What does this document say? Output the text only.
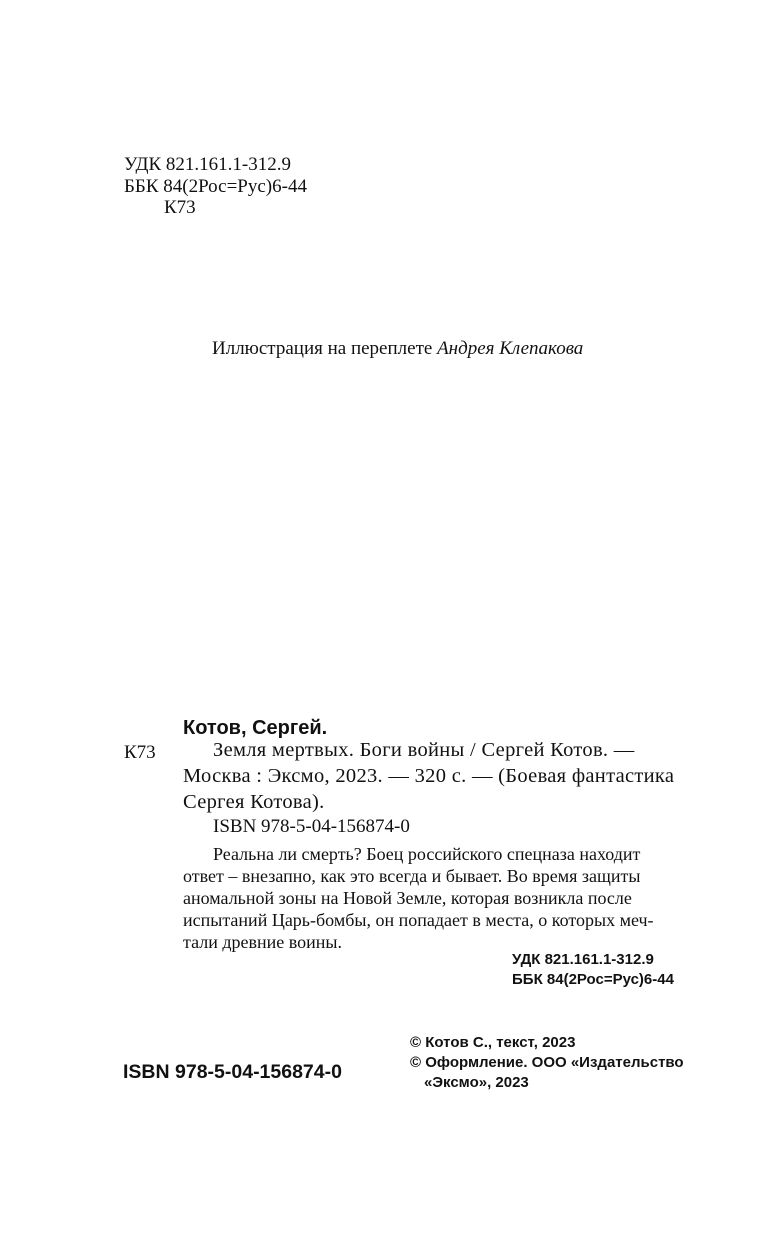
УДК 821.161.1-312.9
ББК 84(2Рос=Рус)6-44
К73
Иллюстрация на переплете Андрея Клепакова
Котов, Сергей.
К73	Земля мертвых. Боги войны / Сергей Котов. —
Москва : Эксмо, 2023. — 320 с. — (Боевая фантастика
Сергея Котова).
ISBN 978-5-04-156874-0
Реальна ли смерть? Боец российского спецназа находит
ответ – внезапно, как это всегда и бывает. Во время защиты
аномальной зоны на Новой Земле, которая возникла после
испытаний Царь-бомбы, он попадает в места, о которых меч-
тали древние воины.
УДК 821.161.1-312.9
ББК 84(2Рос=Рус)6-44
ISBN 978-5-04-156874-0
© Котов С., текст, 2023
© Оформление. ООО «Издательство
«Эксмо», 2023
